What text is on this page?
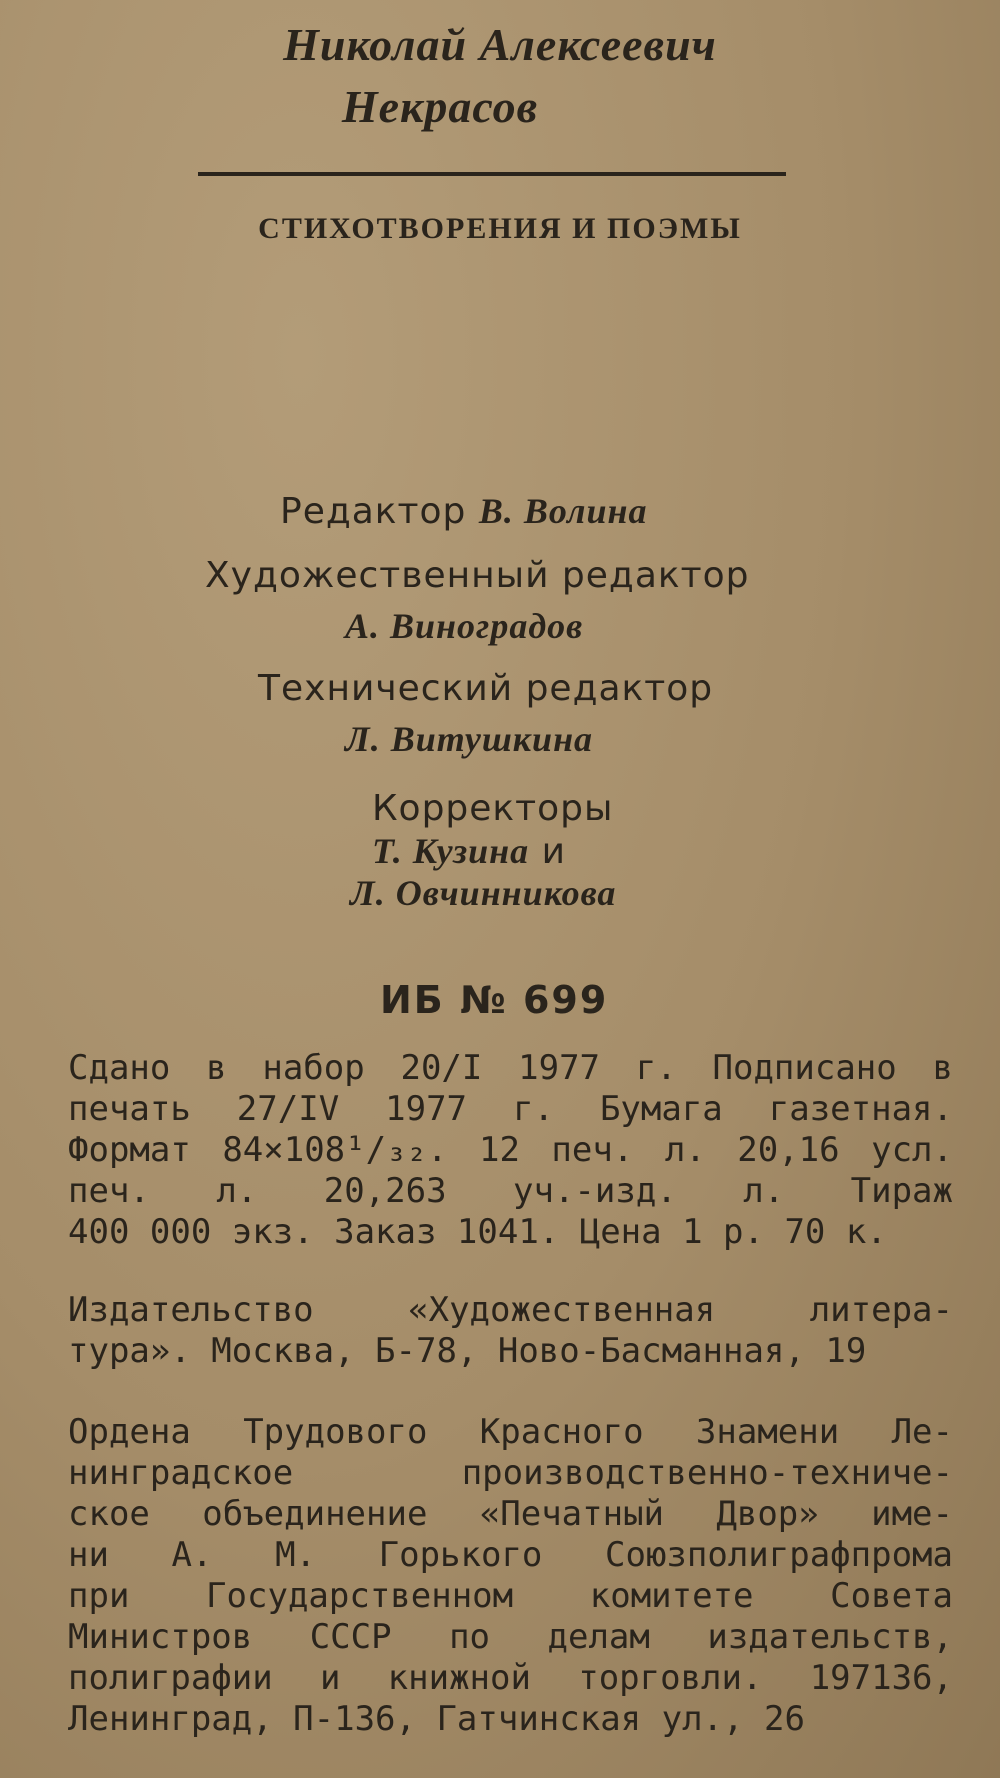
Николай Алексеевич
Некрасов
СТИХОТВОРЕНИЯ И ПОЭМЫ
Редактор В. Волина
Художественный редактор
А. Виноградов
Технический редактор
Л. Витушкина
Корректоры
Т. Кузина и
Л. Овчинникова
ИБ № 699
Сдано в набор 20/I 1977 г. Подписано в
печать 27/IV 1977 г. Бумага газетная.
Формат 84×108¹/₃₂. 12 печ. л. 20,16 усл.
печ. л. 20,263 уч.-изд. л. Тираж
400 000 экз. Заказ 1041. Цена 1 р. 70 к.
Издательство «Художественная литера-
тура». Москва, Б-78, Ново-Басманная, 19
Ордена Трудового Красного Знамени Ле-
нинградское производственно-техниче-
ское объединение «Печатный Двор» име-
ни А. М. Горького Союзполиграфпрома
при Государственном комитете Совета
Министров СССР по делам издательств,
полиграфии и книжной торговли. 197136,
Ленинград, П-136, Гатчинская ул., 26
